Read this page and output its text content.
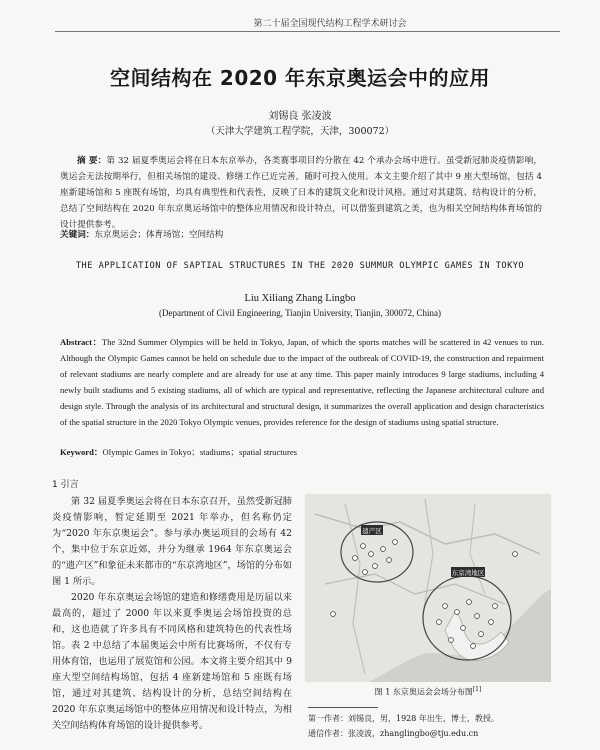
第二十届全国现代结构工程学术研讨会
空间结构在 2020 年东京奥运会中的应用
刘锡良 张凌波
（天津大学建筑工程学院，天津，300072）

摘 要：第 32 届夏季奥运会将在日本东京举办，各类赛事项目约分散在 42 个承办会场中进行。虽受新冠肺炎疫情影响，奥运会无法按期举行，但相关场馆的建设、修缮工作已近完善，随时可投入使用。本文主要介绍了其中 9 座大型场馆，包括 4 座新建场馆和 5 座既有场馆，均具有典型性和代表性，反映了日本的建筑文化和设计风格。通过对其建筑、结构设计的分析，总结了空间结构在 2020 年东京奥运场馆中的整体应用情况和设计特点，可以借鉴到建筑之美，也为相关空间结构体育场馆的设计提供参考。

关键词：东京奥运会；体育场馆；空间结构
THE APPLICATION OF SAPTIAL STRUCTURES IN THE 2020 SUMMUR OLYMPIC GAMES IN TOKYO
Liu Xiliang Zhang Lingbo
(Department of Civil Engineering, Tianjin University, Tianjin, 300072, China)

Abstract：The 32nd Summer Olympics will be held in Tokyo, Japan, of which the sports matches will be scattered in 42 venues to run. Although the Olympic Games cannot be held on schedule due to the impact of the outbreak of COVID-19, the construction and repairment of relevant stadiums are nearly complete and are already for use at any time. This paper mainly introduces 9 large stadiums, including 4 newly built stadiums and 5 existing stadiums, all of which are typical and representative, reflecting the Japanese architectural culture and design style. Through the analysis of its architectural and structural design, it summarizes the overall application and design characteristics of the spatial structure in the 2020 Tokyo Olympic venues, provides reference for the design of stadiums using spatial structure.

Keyword：Olympic Games in Tokyo；stadiums；spatial structures
1 引言

第 32 届夏季奥运会将在日本东京召开，虽然受新冠肺炎疫情影响，暂定延期至 2021 年举办，但名称仍定为“2020 年东京奥运会”。参与承办奥运项目的会场有 42 个，集中位于东京近郊，并分为继承 1964 年东京奥运会的“遗产区”和象征未来都市的“东京湾地区”，场馆的分布如图 1 所示。

2020 年东京奥运会场馆的建造和修缮费用是历届以来最高的，超过了 2000 年以来夏季奥运会场馆投资的总和，这也造就了许多具有不同风格和建筑特色的代表性场馆。表 2 中总结了本届奥运会中所有比赛场所，不仅有专用体育馆，也运用了展览馆和公园。本文将主要介绍其中 9 座大型空间结构场馆，包括 4 座新建场馆和 5 座既有场馆，通过对其建筑、结构设计的分析，总结空间结构在 2020 年东京奥运场馆中的整体应用情况和设计特点，为相关空间结构体育场馆的设计提供参考。

遗产区
东京湾地区
图 1 东京奥运会会场分布图[1]
第一作者：刘锡良，男，1928 年出生，博士，教授。
通信作者：张凌波，zhanglingbo@tju.edu.cn
